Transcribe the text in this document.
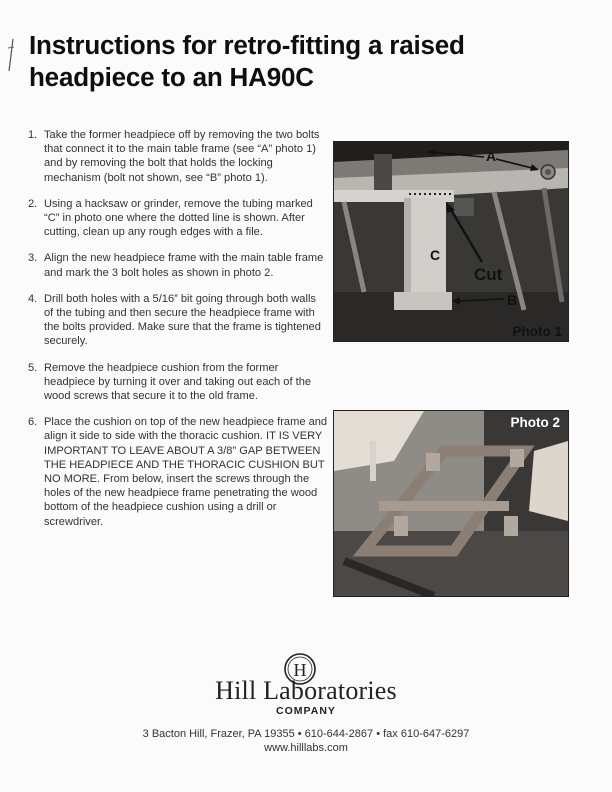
Instructions for retro-fitting a raised
headpiece to an HA90C
1. Take the former headpiece off by removing the two bolts that connect it to the main table frame (see “A” photo 1) and by removing the bolt that holds the locking mechanism (bolt not shown, see “B” photo 1).
2. Using a hacksaw or grinder, remove the tubing marked “C” in photo one where the dotted line is shown. After cutting, clean up any rough edges with a file.
3. Align the new headpiece frame with the main table frame and mark the 3 bolt holes as shown in photo 2.
4. Drill both holes with a 5/16” bit going through both walls of the tubing and then secure the headpiece frame with the bolts provided. Make sure that the frame is tightened securely.
5. Remove the headpiece cushion from the former headpiece by turning it over and taking out each of the wood screws that secure it to the old frame.
6. Place the cushion on top of the new headpiece frame and align it side to side with the thoracic cushion. IT IS VERY IMPORTANT TO LEAVE ABOUT A 3/8” GAP BETWEEN THE HEADPIECE AND THE THORACIC CUSHION BUT NO MORE. From below, insert the screws through the holes of the new headpiece frame penetrating the wood bottom of the headpiece cushion using a drill or screwdriver.
A
C
Cut
B
Photo 1
Photo 2
H
Hill Laboratories
COMPANY
3 Bacton Hill, Frazer, PA 19355 • 610-644-2867 • fax 610-647-6297
www.hilllabs.com
